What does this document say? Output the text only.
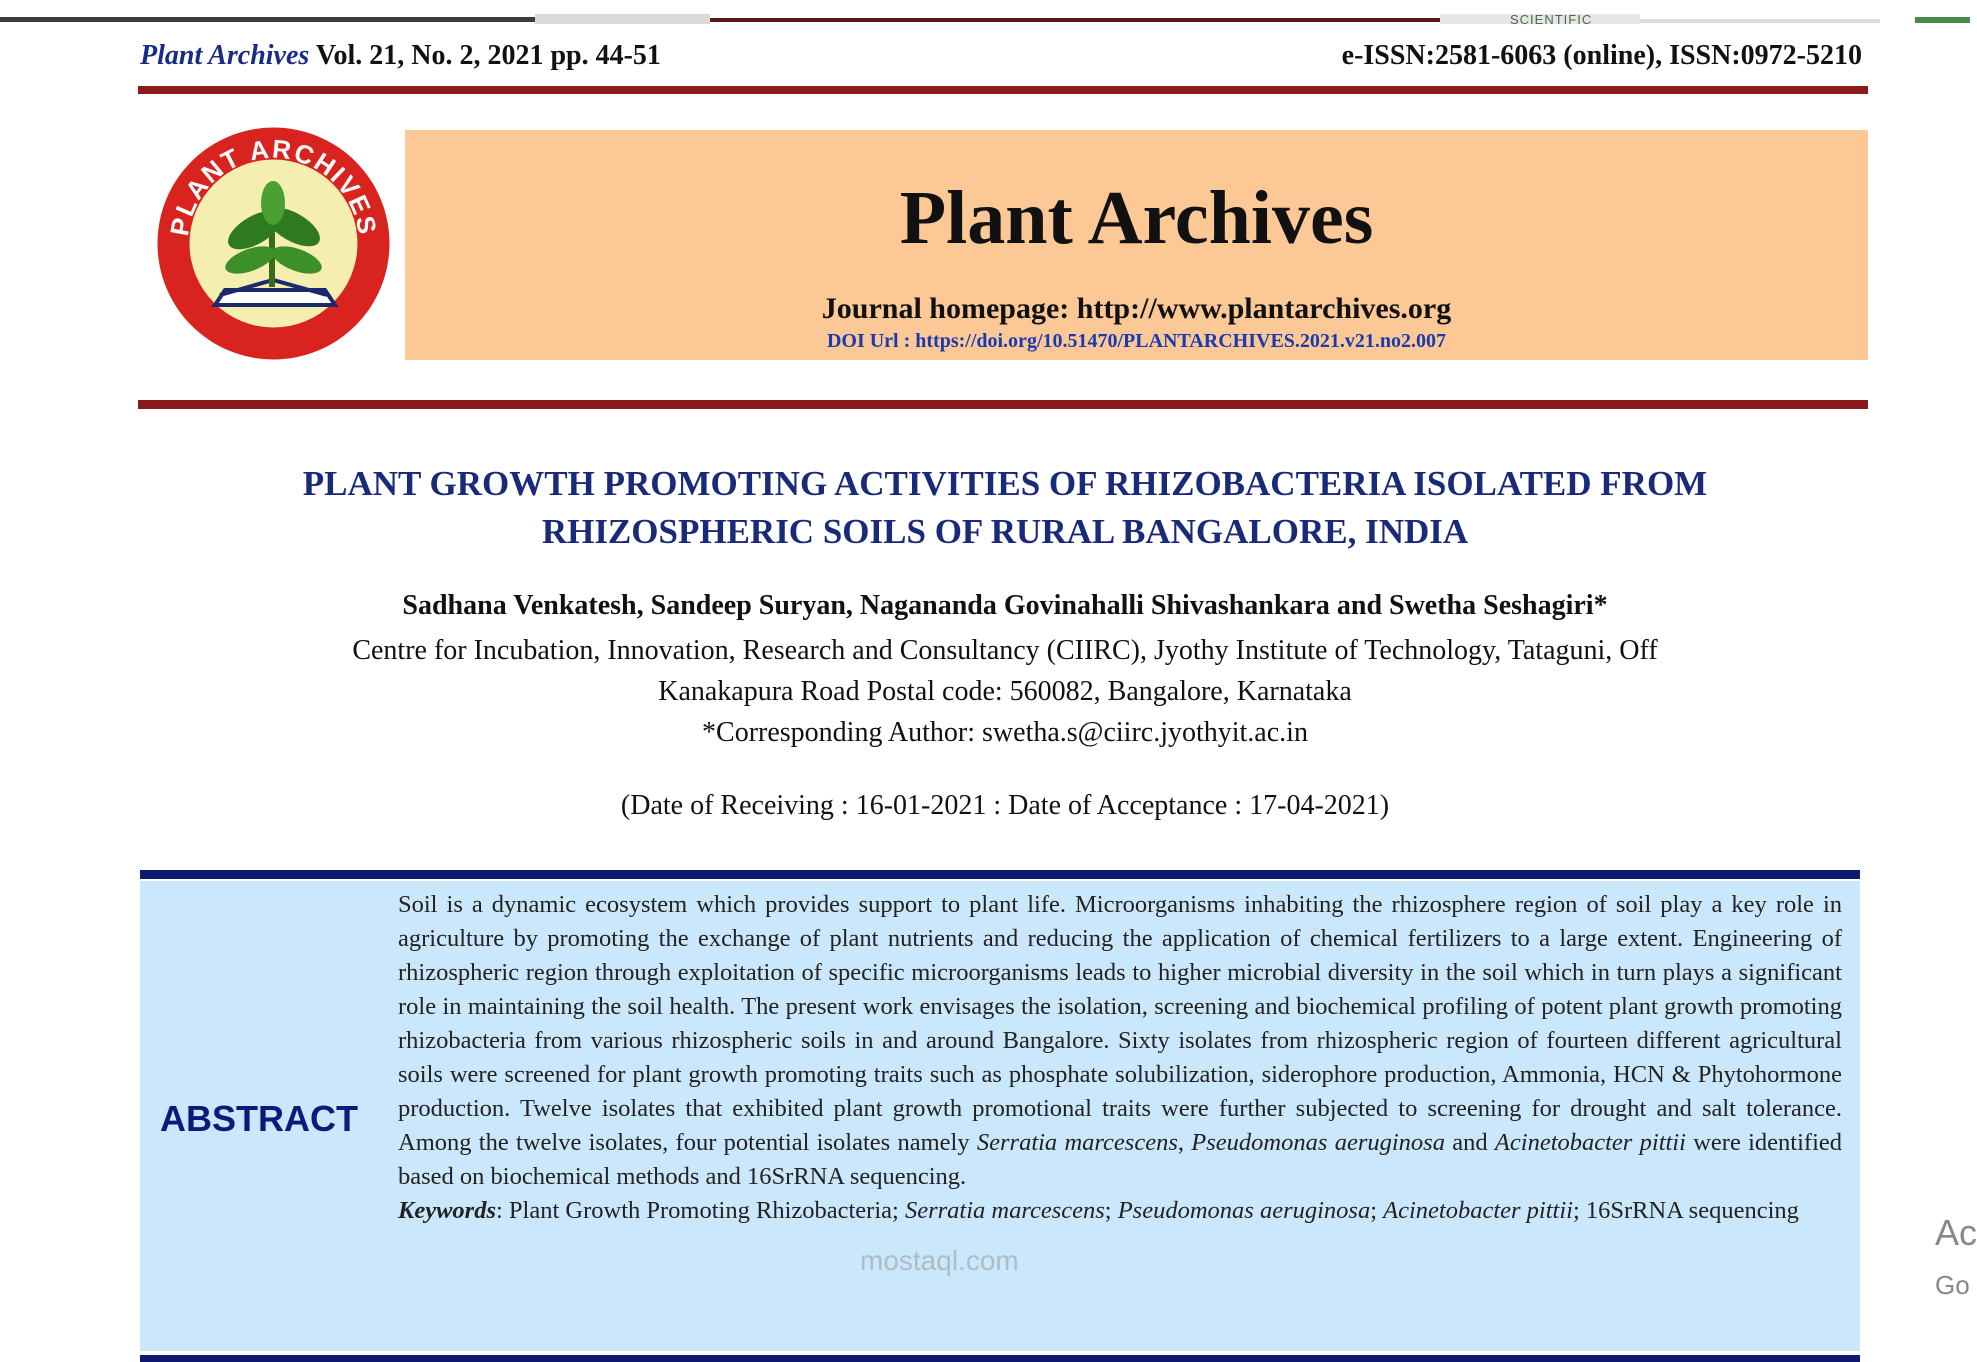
SCIENTIFIC
Plant Archives Vol. 21, No. 2, 2021 pp. 44-51	e-ISSN:2581-6063 (online), ISSN:0972-5210
PLANT ARCHIVES	Plant Archives
Journal homepage: http://www.plantarchives.org
DOI Url : https://doi.org/10.51470/PLANTARCHIVES.2021.v21.no2.007
PLANT GROWTH PROMOTING ACTIVITIES OF RHIZOBACTERIA ISOLATED FROM
RHIZOSPHERIC SOILS OF RURAL BANGALORE, INDIA
Sadhana Venkatesh, Sandeep Suryan, Nagananda Govinahalli Shivashankara and Swetha Seshagiri*
Centre for Incubation, Innovation, Research and Consultancy (CIIRC), Jyothy Institute of Technology, Tataguni, Off
Kanakapura Road Postal code: 560082, Bangalore, Karnataka
*Corresponding Author: swetha.s@ciirc.jyothyit.ac.in
(Date of Receiving : 16-01-2021 : Date of Acceptance : 17-04-2021)
ABSTRACT

Soil is a dynamic ecosystem which provides support to plant life. Microorganisms inhabiting the rhizosphere region of soil play a key role in agriculture by promoting the exchange of plant nutrients and reducing the application of chemical fertilizers to a large extent. Engineering of rhizospheric region through exploitation of specific microorganisms leads to higher microbial diversity in the soil which in turn plays a significant role in maintaining the soil health. The present work envisages the isolation, screening and biochemical profiling of potent plant growth promoting rhizobacteria from various rhizospheric soils in and around Bangalore. Sixty isolates from rhizospheric region of fourteen different agricultural soils were screened for plant growth promoting traits such as phosphate solubilization, siderophore production, Ammonia, HCN & Phytohormone production. Twelve isolates that exhibited plant growth promotional traits were further subjected to screening for drought and salt tolerance. Among the twelve isolates, four potential isolates namely Serratia marcescens, Pseudomonas aeruginosa and Acinetobacter pittii were identified based on biochemical methods and 16SrRNA sequencing.

Keywords: Plant Growth Promoting Rhizobacteria; Serratia marcescens; Pseudomonas aeruginosa; Acinetobacter pittii; 16SrRNA sequencing

mostaql.com
Ac
Go
